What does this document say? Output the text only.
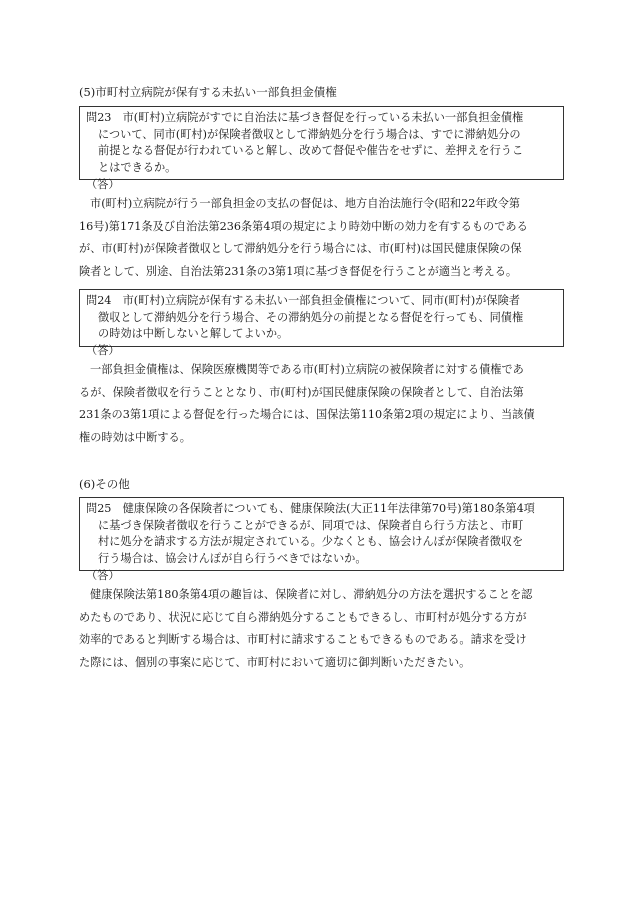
(5)市町村立病院が保有する未払い一部負担金債権
問23　市(町村)立病院がすでに自治法に基づき督促を行っている未払い一部負担金債権
について、同市(町村)が保険者徴収として滞納処分を行う場合は、すでに滞納処分の
前提となる督促が行われていると解し、改めて督促や催告をせずに、差押えを行うこ
とはできるか。
（答）
市(町村)立病院が行う一部負担金の支払の督促は、地方自治法施行令(昭和22年政令第
16号)第171条及び自治法第236条第4項の規定により時効中断の効力を有するものである
が、市(町村)が保険者徴収として滞納処分を行う場合には、市(町村)は国民健康保険の保
険者として、別途、自治法第231条の3第1項に基づき督促を行うことが適当と考える。
問24　市(町村)立病院が保有する未払い一部負担金債権について、同市(町村)が保険者
徴収として滞納処分を行う場合、その滞納処分の前提となる督促を行っても、同債権
の時効は中断しないと解してよいか。
（答）
一部負担金債権は、保険医療機関等である市(町村)立病院の被保険者に対する債権であ
るが、保険者徴収を行うこととなり、市(町村)が国民健康保険の保険者として、自治法第
231条の3第1項による督促を行った場合には、国保法第110条第2項の規定により、当該債
権の時効は中断する。
(6)その他
問25　健康保険の各保険者についても、健康保険法(大正11年法律第70号)第180条第4項
に基づき保険者徴収を行うことができるが、同項では、保険者自ら行う方法と、市町
村に処分を請求する方法が規定されている。少なくとも、協会けんぽが保険者徴収を
行う場合は、協会けんぽが自ら行うべきではないか。
（答）
健康保険法第180条第4項の趣旨は、保険者に対し、滞納処分の方法を選択することを認
めたものであり、状況に応じて自ら滞納処分することもできるし、市町村が処分する方が
効率的であると判断する場合は、市町村に請求することもできるものである。請求を受け
た際には、個別の事案に応じて、市町村において適切に御判断いただきたい。
